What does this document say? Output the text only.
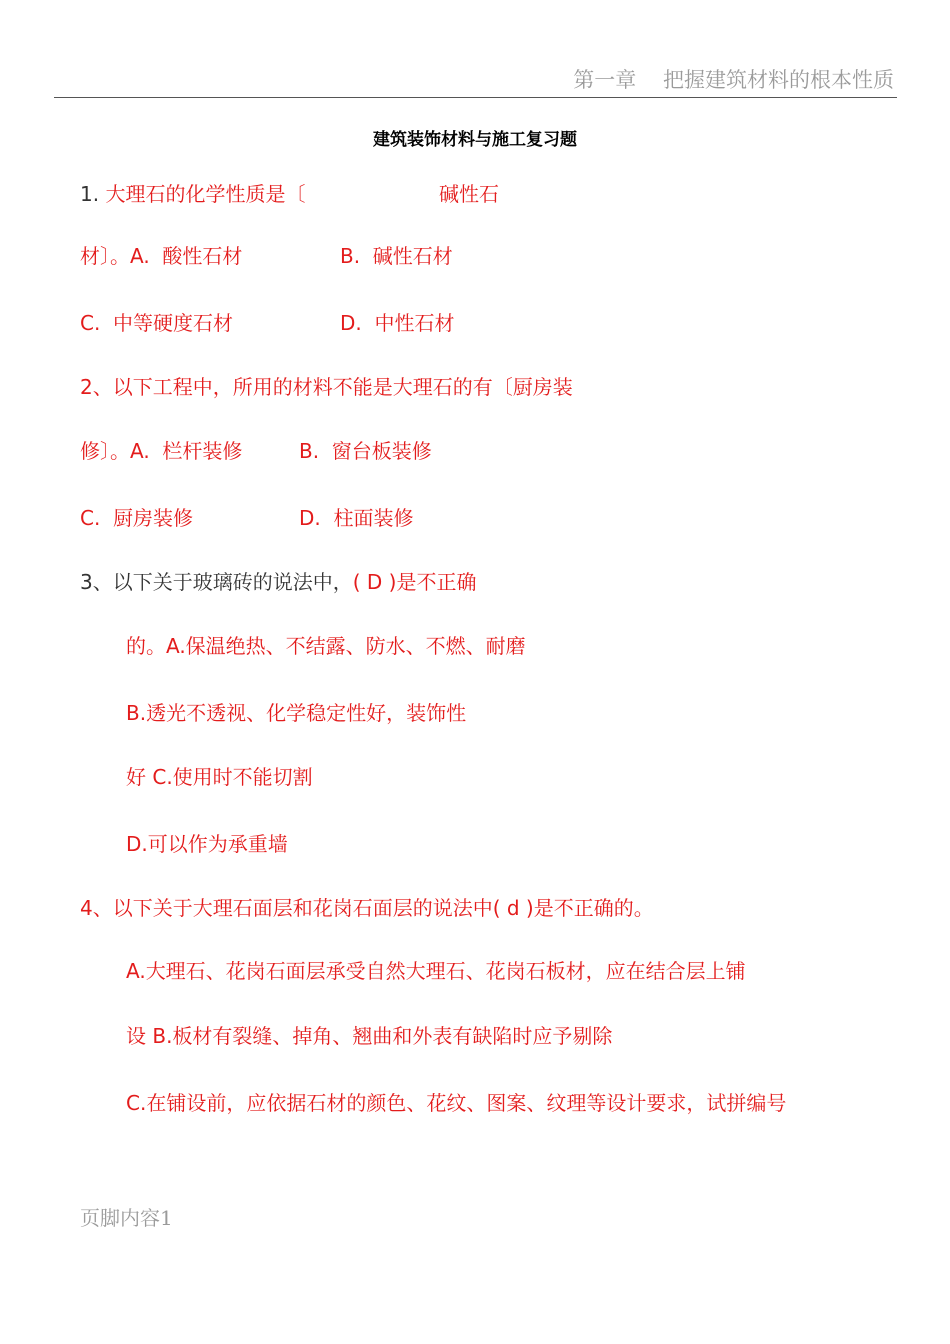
第一章    把握建筑材料的根本性质
建筑装饰材料与施工复习题
1. 大理石的化学性质是〔	碱性石
材〕。A.  酸性石材	B.  碱性石材
C.  中等硬度石材	D.  中性石材
2、以下工程中，所用的材料不能是大理石的有〔厨房装
修〕。A.  栏杆装修	B.  窗台板装修
C.  厨房装修	D.  柱面装修
3、以下关于玻璃砖的说法中，( D )是不正确
的。A.保温绝热、不结露、防水、不燃、耐磨
B.透光不透视、化学稳定性好，装饰性
好 C.使用时不能切割
D.可以作为承重墙
4、以下关于大理石面层和花岗石面层的说法中( d )是不正确的。
A.大理石、花岗石面层承受自然大理石、花岗石板材，应在结合层上铺
设 B.板材有裂缝、掉角、翘曲和外表有缺陷时应予剔除
C.在铺设前，应依据石材的颜色、花纹、图案、纹理等设计要求，试拼编号
页脚内容1
